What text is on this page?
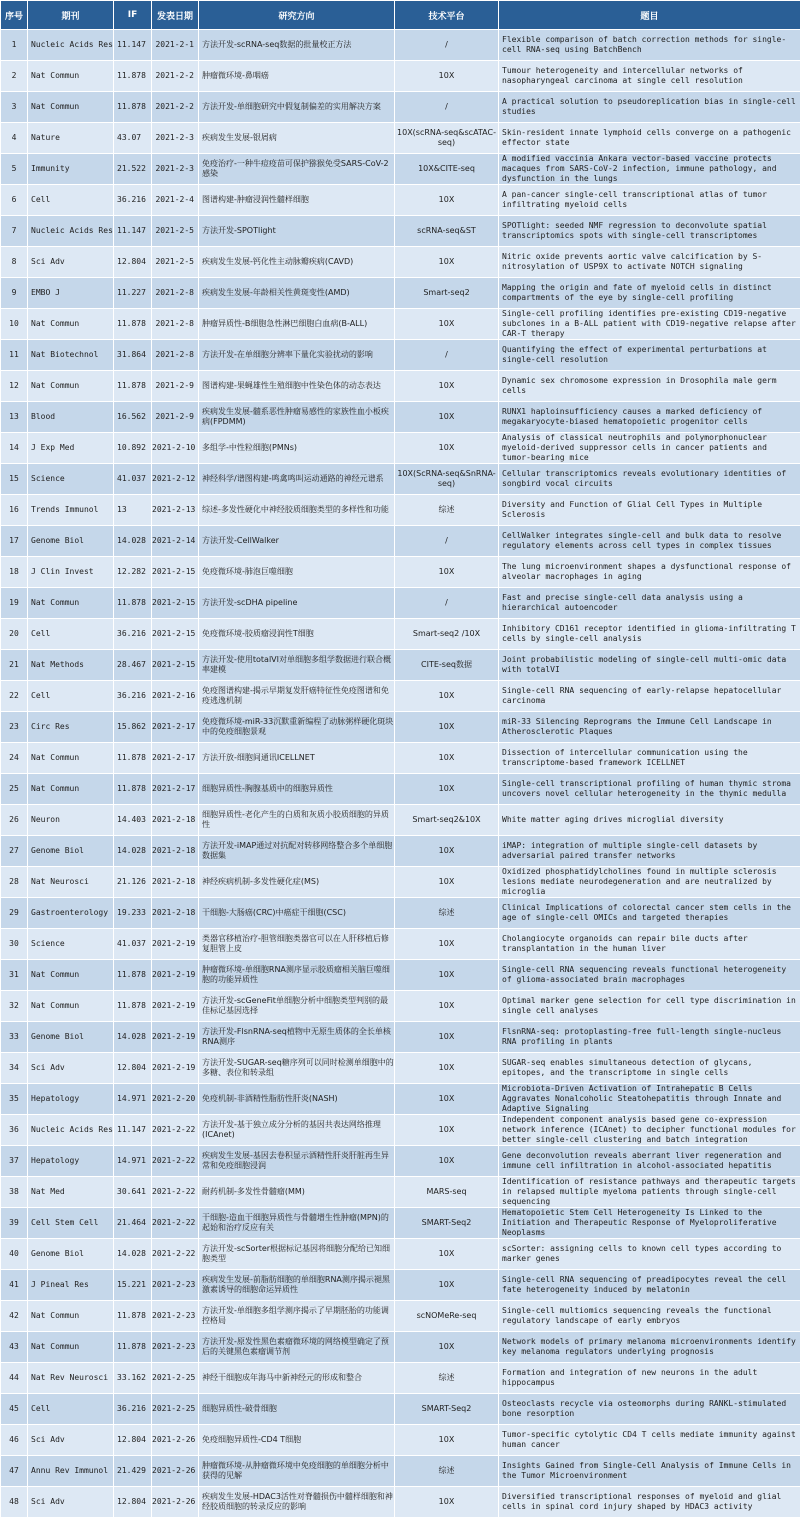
序号	期刊	IF	发表日期	研究方向	技术平台	题目
1	Nucleic Acids Res	11.147	2021-2-1	方法开发-scRNA-seq数据的批量校正方法	/	Flexible comparison of batch correction methods for single-cell RNA-seq using BatchBench

2	Nat Commun	11.878	2021-2-2	肿瘤微环境-鼻咽癌	10X	Tumour heterogeneity and intercellular networks of nasopharyngeal carcinoma at single cell resolution

3	Nat Commun	11.878	2021-2-2	方法开发-单细胞研究中假复制偏差的实用解决方案	/	A practical solution to pseudoreplication bias in single-cell studies

4	Nature	43.07	2021-2-3	疾病发生发展-银屑病	10X(scRNA-seq&scATAC-seq)	Skin-resident innate lymphoid cells converge on a pathogenic effector state

5	Immunity	21.522	2021-2-3	免疫治疗-一种牛痘疫苗可保护猕猴免受SARS-CoV-2感染	10X&CITE-seq	A modified vaccinia Ankara vector-based vaccine protects macaques from SARS-CoV-2 infection, immune pathology, and dysfunction in the lungs

6	Cell	36.216	2021-2-4	图谱构建-肿瘤浸润性髓样细胞	10X	A pan-cancer single-cell transcriptional atlas of tumor infiltrating myeloid cells

7	Nucleic Acids Res	11.147	2021-2-5	方法开发-SPOTlight	scRNA-seq&ST	SPOTlight: seeded NMF regression to deconvolute spatial transcriptomics spots with single-cell transcriptomes

8	Sci Adv	12.804	2021-2-5	疾病发生发展-钙化性主动脉瓣疾病(CAVD)	10X	Nitric oxide prevents aortic valve calcification by S-nitrosylation of USP9X to activate NOTCH signaling

9	EMBO J	11.227	2021-2-8	疾病发生发展-年龄相关性黄斑变性(AMD)	Smart-seq2	Mapping the origin and fate of myeloid cells in distinct compartments of the eye by single-cell profiling

10	Nat Commun	11.878	2021-2-8	肿瘤异质性-B细胞急性淋巴细胞白血病(B-ALL)	10X	Single-cell profiling identifies pre-existing CD19-negative subclones in a B-ALL patient with CD19-negative relapse after CAR-T therapy

11	Nat Biotechnol	31.864	2021-2-8	方法开发-在单细胞分辨率下量化实验扰动的影响	/	Quantifying the effect of experimental perturbations at single-cell resolution

12	Nat Commun	11.878	2021-2-9	图谱构建-果蝇雄性生殖细胞中性染色体的动态表达	10X	Dynamic sex chromosome expression in Drosophila male germ cells

13	Blood	16.562	2021-2-9	疾病发生发展-髓系恶性肿瘤易感性的家族性血小板疾病(FPDMM)	10X	RUNX1 haploinsufficiency causes a marked deficiency of megakaryocyte-biased hematopoietic progenitor cells

14	J Exp Med	10.892	2021-2-10	多组学-中性粒细胞(PMNs)	10X	Analysis of classical neutrophils and polymorphonuclear myeloid-derived suppressor cells in cancer patients and tumor-bearing mice

15	Science	41.037	2021-2-12	神经科学/谱图构建-鸣禽鸣叫运动通路的神经元谱系	10X(ScRNA-seq&SnRNA-seq)	Cellular transcriptomics reveals evolutionary identities of songbird vocal circuits

16	Trends Immunol	13	2021-2-13	综述-多发性硬化中神经胶质细胞类型的多样性和功能	综述	Diversity and Function of Glial Cell Types in Multiple Sclerosis

17	Genome Biol	14.028	2021-2-14	方法开发-CellWalker	/	CellWalker integrates single-cell and bulk data to resolve regulatory elements across cell types in complex tissues

18	J Clin Invest	12.282	2021-2-15	免疫微环境-肺泡巨噬细胞	10X	The lung microenvironment shapes a dysfunctional response of alveolar macrophages in aging

19	Nat Commun	11.878	2021-2-15	方法开发-scDHA pipeline	/	Fast and precise single-cell data analysis using a hierarchical autoencoder

20	Cell	36.216	2021-2-15	免疫微环境-胶质瘤浸润性T细胞	Smart-seq2 /10X	Inhibitory CD161 receptor identified in glioma-infiltrating T cells by single-cell analysis

21	Nat Methods	28.467	2021-2-15	方法开发-使用totalVI对单细胞多组学数据进行联合概率建模	CITE-seq数据	Joint probabilistic modeling of single-cell multi-omic data with totalVI

22	Cell	36.216	2021-2-16	免疫图谱构建-揭示早期复发肝癌特征性免疫图谱和免疫逃逸机制	10X	Single-cell RNA sequencing of early-relapse hepatocellular carcinoma

23	Circ Res	15.862	2021-2-17	免疫微环境-miR-33沉默重新编程了动脉粥样硬化斑块中的免疫细胞景观	10X	miR-33 Silencing Reprograms the Immune Cell Landscape in Atherosclerotic Plaques

24	Nat Commun	11.878	2021-2-17	方法开放-细胞间通讯ICELLNET	10X	Dissection of intercellular communication using the transcriptome-based framework ICELLNET

25	Nat Commun	11.878	2021-2-17	细胞异质性-胸腺基质中的细胞异质性	10X	Single-cell transcriptional profiling of human thymic stroma uncovers novel cellular heterogeneity in the thymic medulla

26	Neuron	14.403	2021-2-18	细胞异质性-老化产生的白质和灰质小胶质细胞的异质性	Smart-seq2&10X	White matter aging drives microglial diversity

27	Genome Biol	14.028	2021-2-18	方法开发-iMAP通过对抗配对转移网络整合多个单细胞数据集	10X	iMAP: integration of multiple single-cell datasets by adversarial paired transfer networks

28	Nat Neurosci	21.126	2021-2-18	神经疾病机制-多发性硬化症(MS)	10X	Oxidized phosphatidylcholines found in multiple sclerosis lesions mediate neurodegeneration and are neutralized by microglia

29	Gastroenterology	19.233	2021-2-18	干细胞-大肠癌(CRC)中癌症干细胞(CSC)	综述	Clinical Implications of colorectal cancer stem cells in the age of single-cell OMICs and targeted therapies

30	Science	41.037	2021-2-19	类器官移植治疗-胆管细胞类器官可以在人肝移植后修复胆管上皮	10X	Cholangiocyte organoids can repair bile ducts after transplantation in the human liver

31	Nat Commun	11.878	2021-2-19	肿瘤微环境-单细胞RNA测序显示胶质瘤相关脑巨噬细胞的功能异质性	10X	Single-cell RNA sequencing reveals functional heterogeneity of glioma-associated brain macrophages

32	Nat Commun	11.878	2021-2-19	方法开发-scGeneFit单细胞分析中细胞类型判别的最佳标记基因选择	10X	Optimal marker gene selection for cell type discrimination in single cell analyses

33	Genome Biol	14.028	2021-2-19	方法开发-FlsnRNA-seq植物中无原生质体的全长单核RNA测序	10X	FlsnRNA-seq: protoplasting-free full-length single-nucleus RNA profiling in plants

34	Sci Adv	12.804	2021-2-19	方法开发-SUGAR-seq糖序列可以同时检测单细胞中的多糖、表位和转录组	10X	SUGAR-seq enables simultaneous detection of glycans, epitopes, and the transcriptome in single cells

35	Hepatology	14.971	2021-2-20	免疫机制-非酒精性脂肪性肝炎(NASH)	10X	Microbiota-Driven Activation of Intrahepatic B Cells Aggravates Nonalcoholic Steatohepatitis through Innate and Adaptive Signaling

36	Nucleic Acids Res	11.147	2021-2-22	方法开发-基于独立成分分析的基因共表达网络推理(ICAnet)	10X	Independent component analysis based gene co-expression network inference (ICAnet) to decipher functional modules for better single-cell clustering and batch integration

37	Hepatology	14.971	2021-2-22	疾病发生发展-基因去卷积显示酒精性肝炎肝脏再生异常和免疫细胞浸润	10X	Gene deconvolution reveals aberrant liver regeneration and immune cell infiltration in alcohol-associated hepatitis

38	Nat Med	30.641	2021-2-22	耐药机制-多发性骨髓瘤(MM)	MARS-seq	Identification of resistance pathways and therapeutic targets in relapsed multiple myeloma patients through single-cell sequencing

39	Cell Stem Cell	21.464	2021-2-22	干细胞-造血干细胞异质性与骨髓增生性肿瘤(MPN)的起始和治疗反应有关	SMART-Seq2	Hematopoietic Stem Cell Heterogeneity Is Linked to the Initiation and Therapeutic Response of Myeloproliferative Neoplasms

40	Genome Biol	14.028	2021-2-22	方法开发-scSorter根据标记基因将细胞分配给已知细胞类型	10X	scSorter: assigning cells to known cell types according to marker genes

41	J Pineal Res	15.221	2021-2-23	疾病发生发展-前脂肪细胞的单细胞RNA测序揭示褪黑激素诱导的细胞命运异质性	10X	Single-cell RNA sequencing of preadipocytes reveal the cell fate heterogeneity induced by melatonin

42	Nat Commun	11.878	2021-2-23	方法开发-单细胞多组学测序揭示了早期胚胎的功能调控格局	scNOMeRe-seq	Single-cell multiomics sequencing reveals the functional regulatory landscape of early embryos

43	Nat Commun	11.878	2021-2-23	方法开发-原发性黑色素瘤微环境的网络模型确定了预后的关键黑色素瘤调节剂	10X	Network models of primary melanoma microenvironments identify key melanoma regulators underlying prognosis

44	Nat Rev Neurosci	33.162	2021-2-25	神经干细胞成年海马中新神经元的形成和整合	综述	Formation and integration of new neurons in the adult hippocampus

45	Cell	36.216	2021-2-25	细胞异质性-破骨细胞	SMART-Seq2	Osteoclasts recycle via osteomorphs during RANKL-stimulated bone resorption

46	Sci Adv	12.804	2021-2-26	免疫细胞异质性-CD4 T细胞	10X	Tumor-specific cytolytic CD4 T cells mediate immunity against human cancer

47	Annu Rev Immunol	21.429	2021-2-26	肿瘤微环境-从肿瘤微环境中免疫细胞的单细胞分析中获得的见解	综述	Insights Gained from Single-Cell Analysis of Immune Cells in the Tumor Microenvironment

48	Sci Adv	12.804	2021-2-26	疾病发生发展-HDAC3活性对脊髓损伤中髓样细胞和神经胶质细胞的转录反应的影响	10X	Diversified transcriptional responses of myeloid and glial cells in spinal cord injury shaped by HDAC3 activity
